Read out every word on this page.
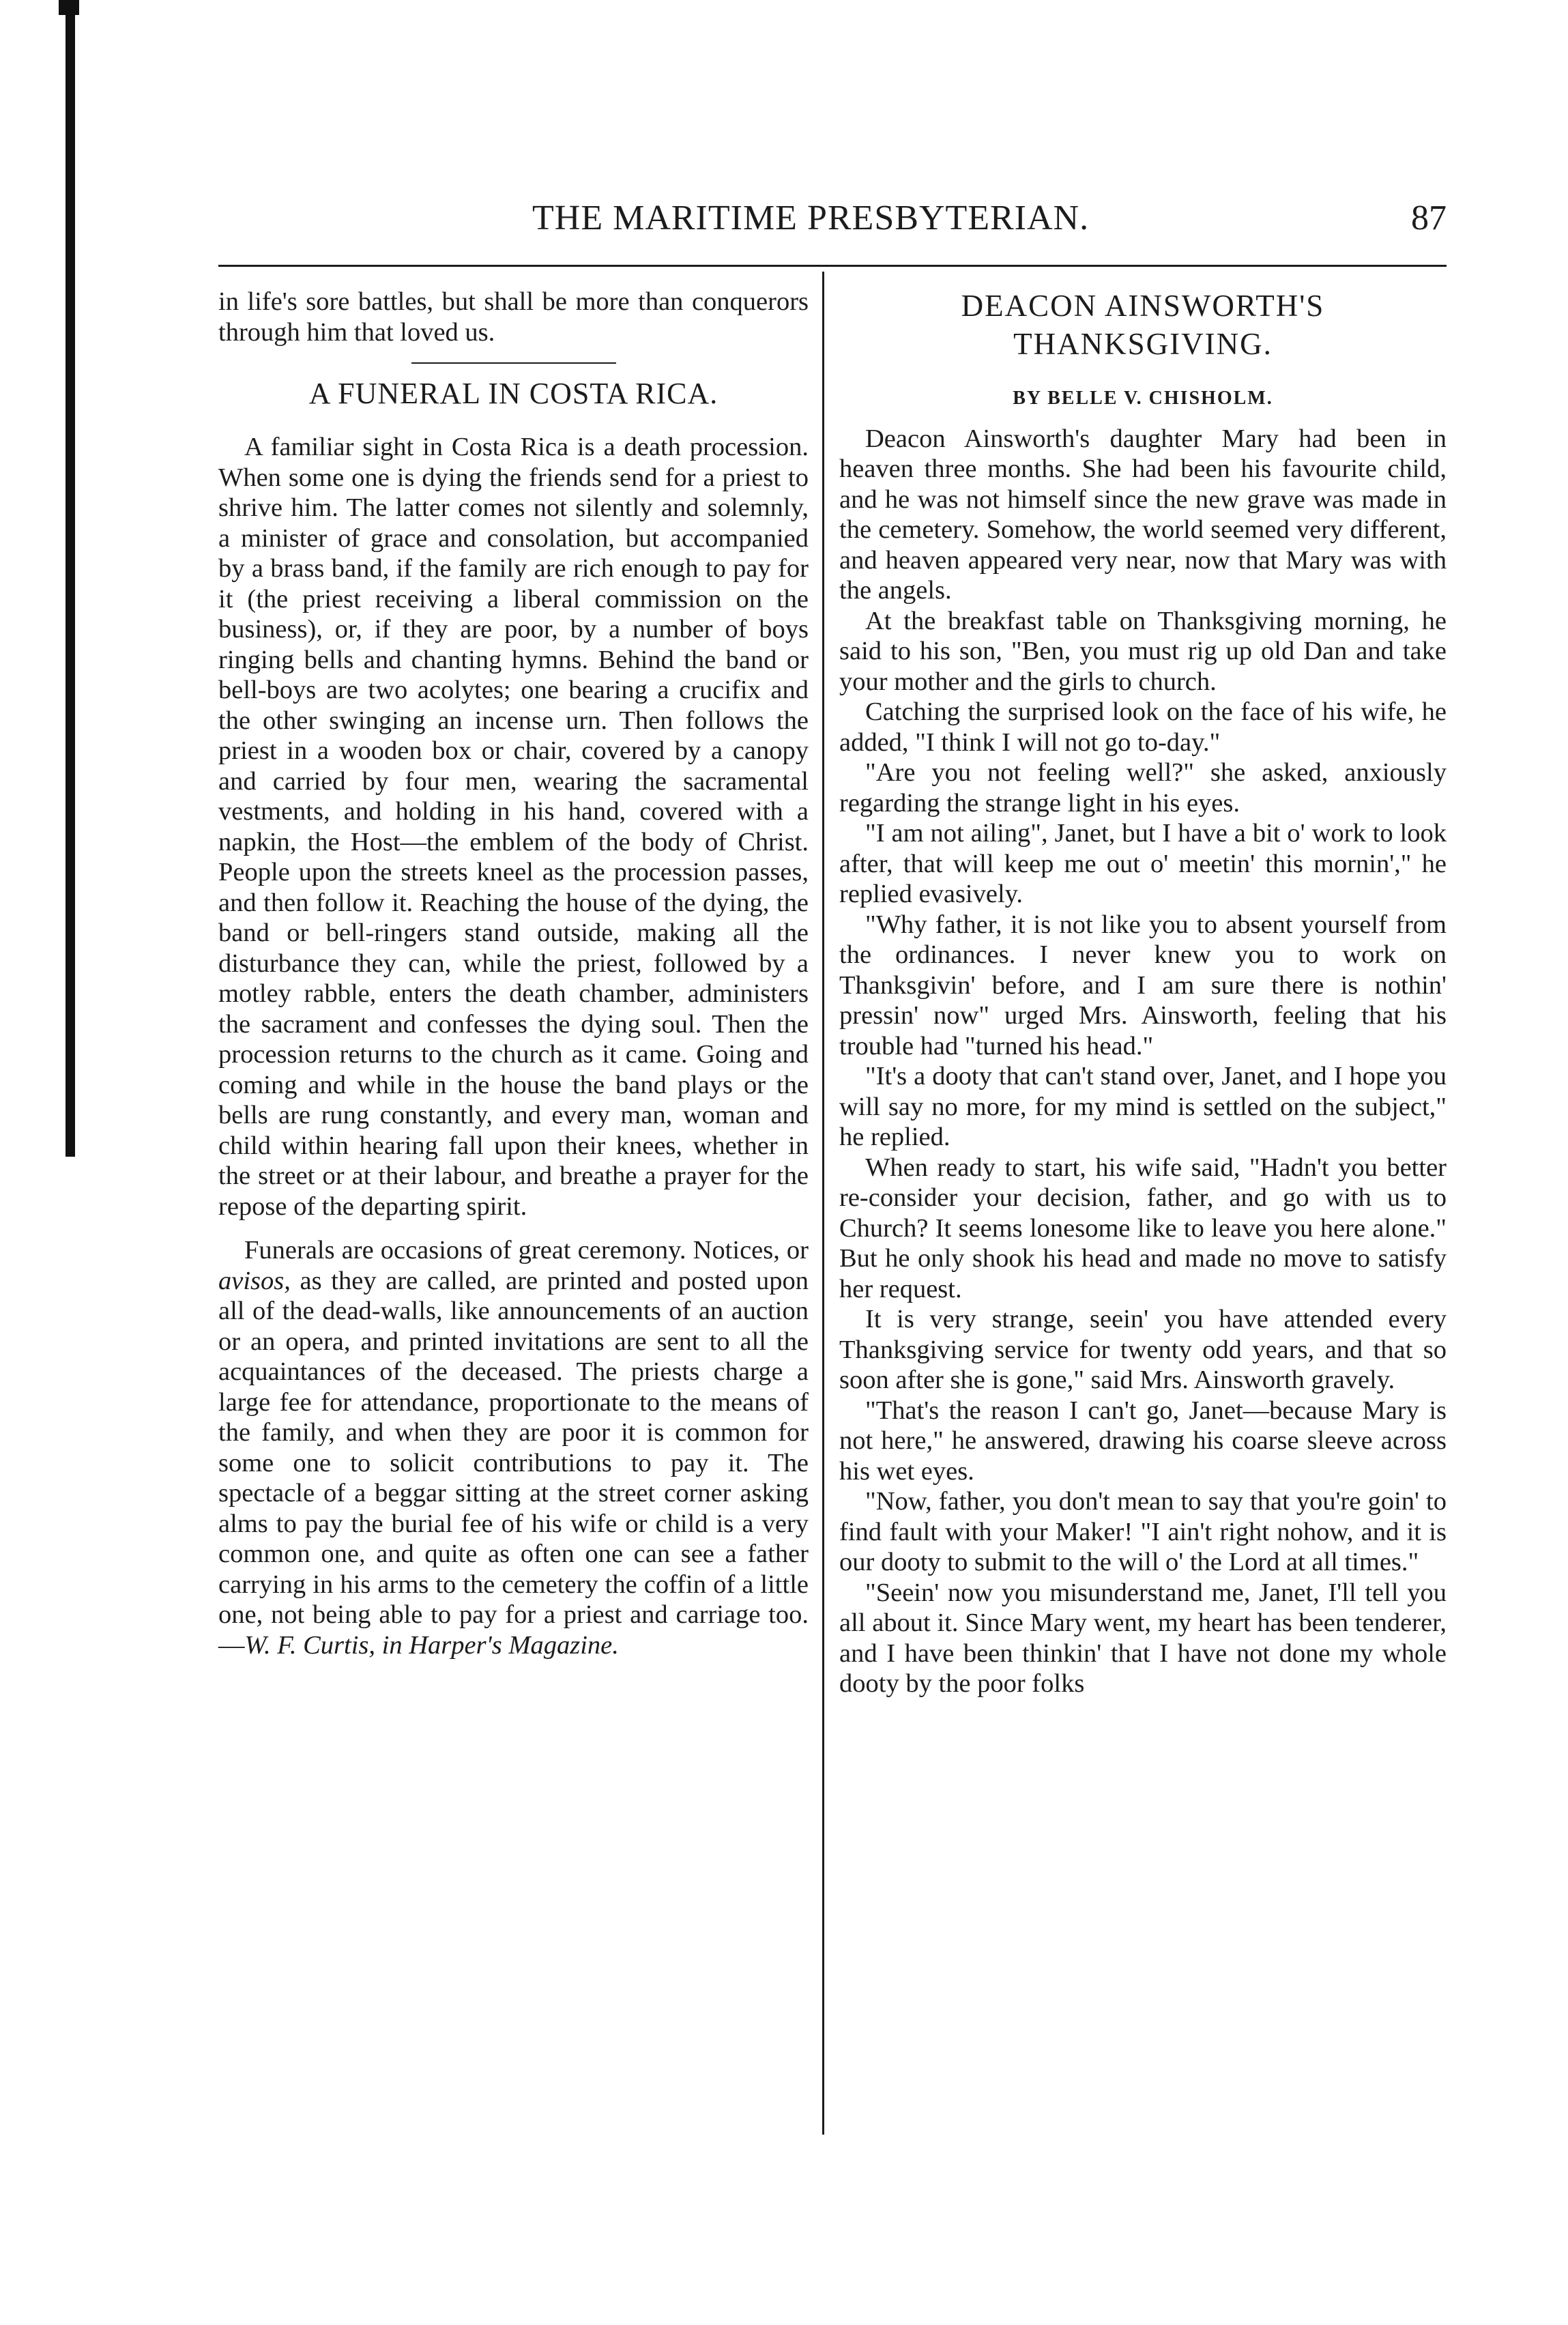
THE MARITIME PRESBYTERIAN.	87

in life's sore battles, but shall be more than conquerors through him that loved us.

A FUNERAL IN COSTA RICA.

A familiar sight in Costa Rica is a death procession. When some one is dying the friends send for a priest to shrive him. The latter comes not silently and solemnly, a minister of grace and consolation, but accompanied by a brass band, if the family are rich enough to pay for it (the priest receiving a liberal commission on the business), or, if they are poor, by a number of boys ringing bells and chanting hymns. Behind the band or bell-boys are two acolytes; one bearing a crucifix and the other swinging an incense urn. Then follows the priest in a wooden box or chair, covered by a canopy and carried by four men, wearing the sacramental vestments, and holding in his hand, covered with a napkin, the Host—the emblem of the body of Christ. People upon the streets kneel as the procession passes, and then follow it. Reaching the house of the dying, the band or bell-ringers stand outside, making all the disturbance they can, while the priest, followed by a motley rabble, enters the death chamber, administers the sacrament and confesses the dying soul. Then the procession returns to the church as it came. Going and coming and while in the house the band plays or the bells are rung constantly, and every man, woman and child within hearing fall upon their knees, whether in the street or at their labour, and breathe a prayer for the repose of the departing spirit.

Funerals are occasions of great ceremony. Notices, or avisos, as they are called, are printed and posted upon all of the dead-walls, like announcements of an auction or an opera, and printed invitations are sent to all the acquaintances of the deceased. The priests charge a large fee for attendance, proportionate to the means of the family, and when they are poor it is common for some one to solicit contributions to pay it. The spectacle of a beggar sitting at the street corner asking alms to pay the burial fee of his wife or child is a very common one, and quite as often one can see a father carrying in his arms to the cemetery the coffin of a little one, not being able to pay for a priest and carriage too.—W. F. Curtis, in Harper's Magazine.

DEACON AINSWORTH'S THANKSGIVING.
BY BELLE V. CHISHOLM.

Deacon Ainsworth's daughter Mary had been in heaven three months. She had been his favourite child, and he was not himself since the new grave was made in the cemetery. Somehow, the world seemed very different, and heaven appeared very near, now that Mary was with the angels.

At the breakfast table on Thanksgiving morning, he said to his son, "Ben, you must rig up old Dan and take your mother and the girls to church.

Catching the surprised look on the face of his wife, he added, "I think I will not go to-day."

"Are you not feeling well?" she asked, anxiously regarding the strange light in his eyes.

"I am not ailing", Janet, but I have a bit o' work to look after, that will keep me out o' meetin' this mornin'," he replied evasively.

"Why father, it is not like you to absent yourself from the ordinances. I never knew you to work on Thanksgivin' before, and I am sure there is nothin' pressin' now" urged Mrs. Ainsworth, feeling that his trouble had "turned his head."

"It's a dooty that can't stand over, Janet, and I hope you will say no more, for my mind is settled on the subject," he replied.

When ready to start, his wife said, "Hadn't you better re-consider your decision, father, and go with us to Church? It seems lonesome like to leave you here alone." But he only shook his head and made no move to satisfy her request.

It is very strange, seein' you have attended every Thanksgiving service for twenty odd years, and that so soon after she is gone," said Mrs. Ainsworth gravely.

"That's the reason I can't go, Janet—because Mary is not here," he answered, drawing his coarse sleeve across his wet eyes.

"Now, father, you don't mean to say that you're goin' to find fault with your Maker! "I ain't right nohow, and it is our dooty to submit to the will o' the Lord at all times."

"Seein' now you misunderstand me, Janet, I'll tell you all about it. Since Mary went, my heart has been tenderer, and I have been thinkin' that I have not done my whole dooty by the poor folks
